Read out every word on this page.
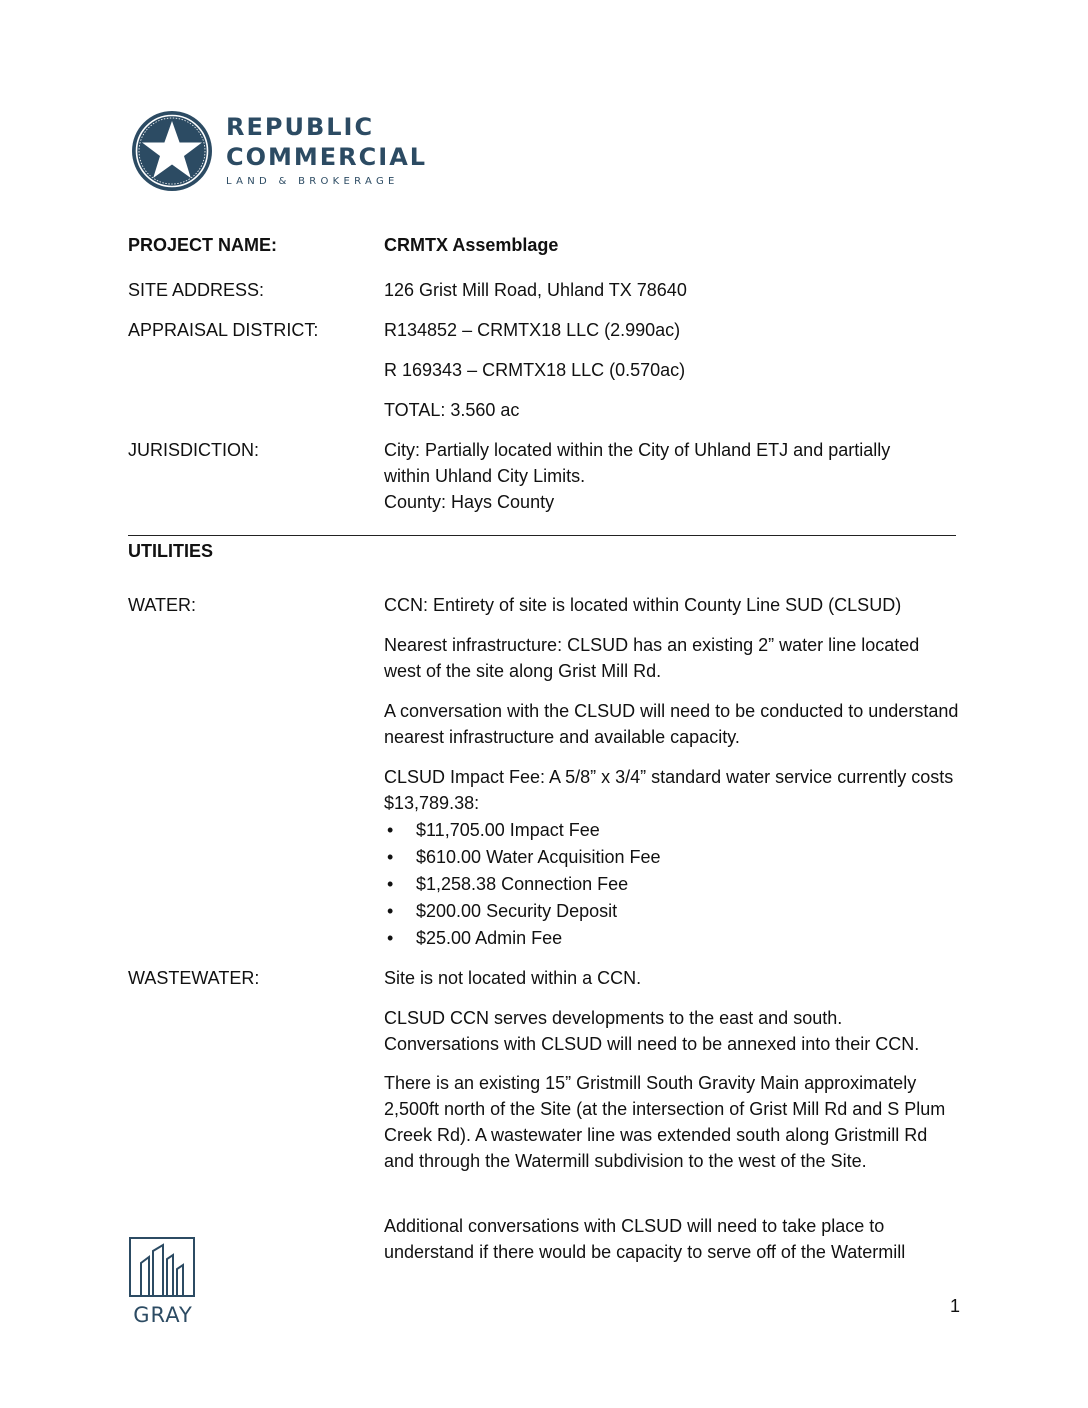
REPUBLIC
COMMERCIAL
LAND & BROKERAGE
PROJECT NAME:	CRMTX Assemblage
SITE ADDRESS:	126 Grist Mill Road, Uhland TX 78640
APPRAISAL DISTRICT:	R134852 – CRMTX18 LLC (2.990ac)
R 169343 – CRMTX18 LLC (0.570ac)
TOTAL: 3.560 ac
JURISDICTION:	City: Partially located within the City of Uhland ETJ and partially within Uhland City Limits.
County: Hays County
UTILITIES
WATER:	CCN: Entirety of site is located within County Line SUD (CLSUD)
Nearest infrastructure: CLSUD has an existing 2” water line located west of the site along Grist Mill Rd.
A conversation with the CLSUD will need to be conducted to understand nearest infrastructure and available capacity.
CLSUD Impact Fee: A 5/8” x 3/4” standard water service currently costs $13,789.38:
• $11,705.00 Impact Fee
• $610.00 Water Acquisition Fee
• $1,258.38 Connection Fee
• $200.00 Security Deposit
• $25.00 Admin Fee
WASTEWATER:	Site is not located within a CCN.
CLSUD CCN serves developments to the east and south. Conversations with CLSUD will need to be annexed into their CCN.
There is an existing 15” Gristmill South Gravity Main approximately 2,500ft north of the Site (at the intersection of Grist Mill Rd and S Plum Creek Rd). A wastewater line was extended south along Gristmill Rd and through the Watermill subdivision to the west of the Site.
Additional conversations with CLSUD will need to take place to understand if there would be capacity to serve off of the Watermill
GRAY	1
